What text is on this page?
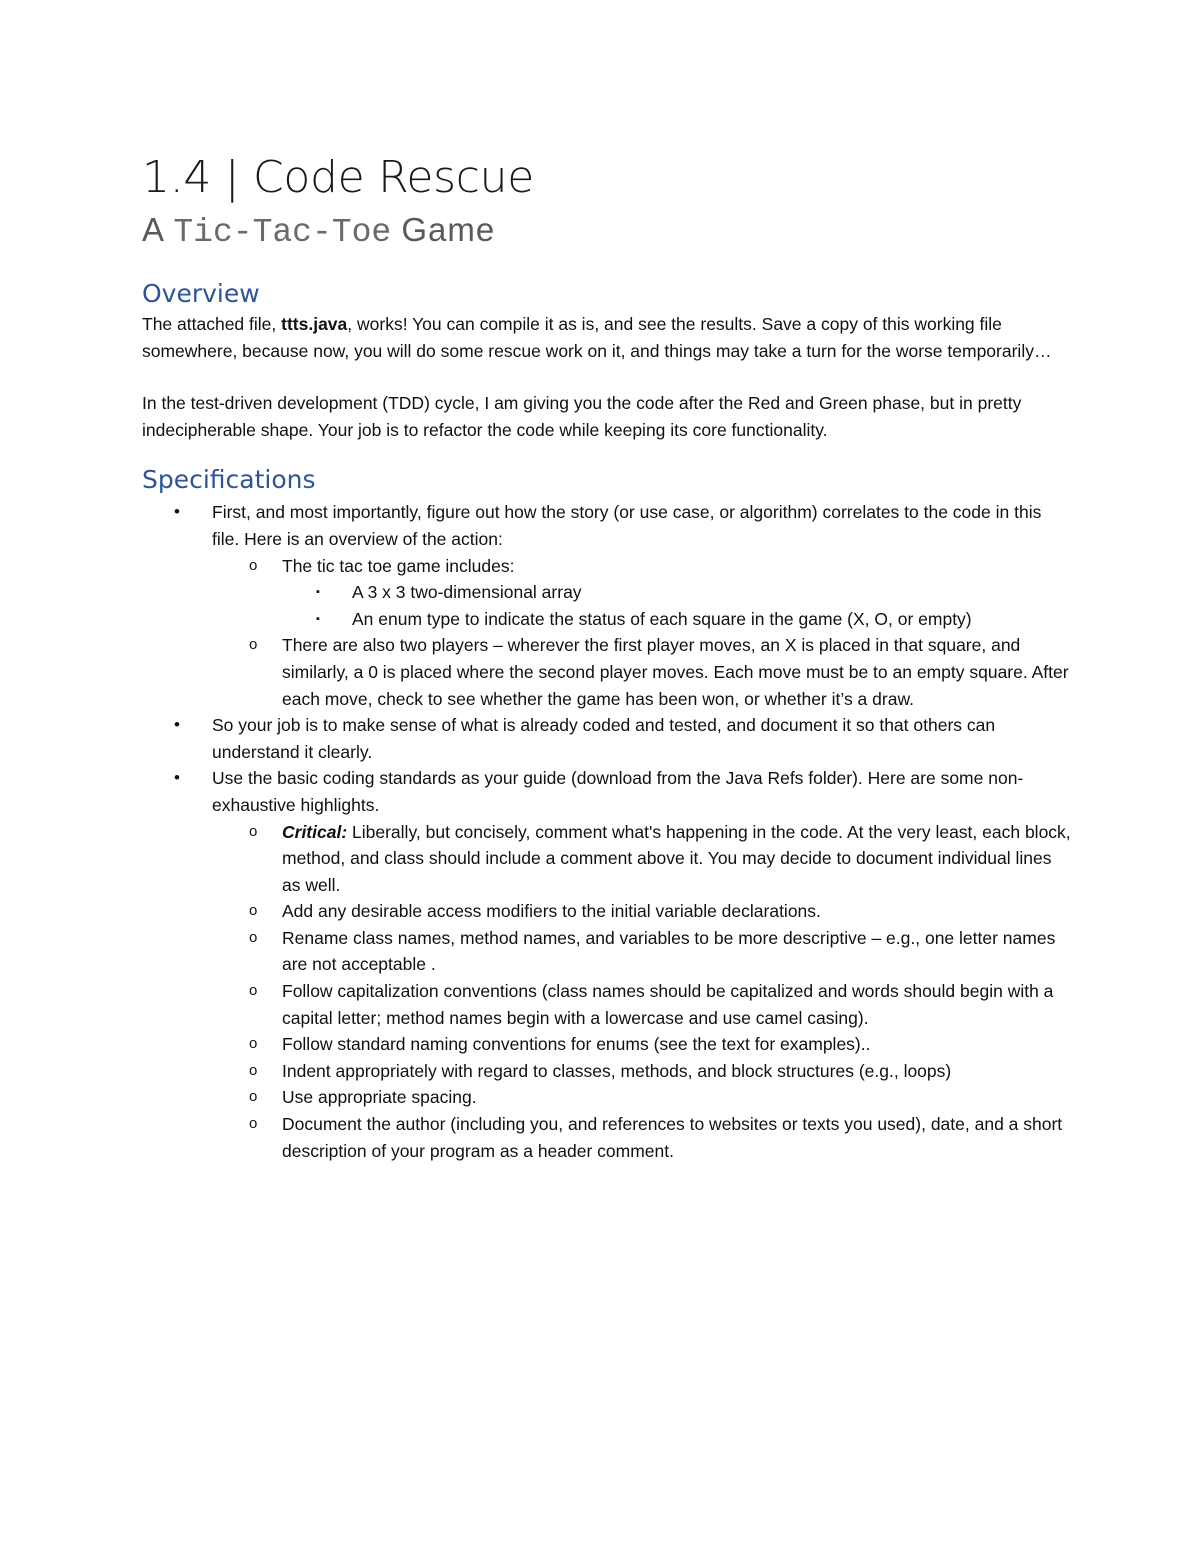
1.4 | Code Rescue
A Tic-Tac-Toe Game
Overview

The attached file, ttts.java, works! You can compile it as is, and see the results. Save a copy of this working file somewhere, because now, you will do some rescue work on it, and things may take a turn for the worse temporarily…

In the test-driven development (TDD) cycle, I am giving you the code after the Red and Green phase, but in pretty indecipherable shape. Your job is to refactor the code while keeping its core functionality.

Specifications
• First, and most importantly, figure out how the story (or use case, or algorithm) correlates to the code in this file. Here is an overview of the action:
o The tic tac toe game includes:
▪ A 3 x 3 two-dimensional array
▪ An enum type to indicate the status of each square in the game (X, O, or empty)
o There are also two players – wherever the first player moves, an X is placed in that square, and similarly, a 0 is placed where the second player moves. Each move must be to an empty square. After each move, check to see whether the game has been won, or whether it’s a draw.
• So your job is to make sense of what is already coded and tested, and document it so that others can understand it clearly.
• Use the basic coding standards as your guide (download from the Java Refs folder). Here are some non-exhaustive highlights.
o Critical: Liberally, but concisely, comment what's happening in the code. At the very least, each block, method, and class should include a comment above it. You may decide to document individual lines as well.
o Add any desirable access modifiers to the initial variable declarations.
o Rename class names, method names, and variables to be more descriptive – e.g., one letter names are not acceptable .
o Follow capitalization conventions (class names should be capitalized and words should begin with a capital letter; method names begin with a lowercase and use camel casing).
o Follow standard naming conventions for enums (see the text for examples)..
o Indent appropriately with regard to classes, methods, and block structures (e.g., loops)
o Use appropriate spacing.
o Document the author (including you, and references to websites or texts you used), date, and a short description of your program as a header comment.
